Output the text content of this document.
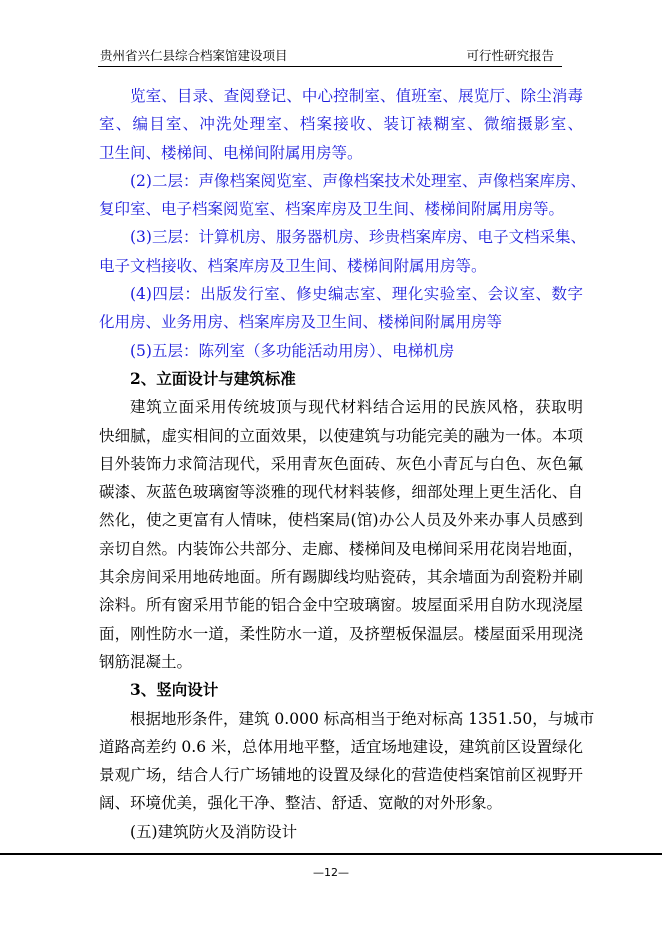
贵州省兴仁县综合档案馆建设项目	可行性研究报告
览室、目录、查阅登记、中心控制室、值班室、展览厅、除尘消毒
室、编目室、冲洗处理室、档案接收、装订裱糊室、微缩摄影室、
卫生间、楼梯间、电梯间附属用房等。
(2)二层：声像档案阅览室、声像档案技术处理室、声像档案库房、
复印室、电子档案阅览室、档案库房及卫生间、楼梯间附属用房等。
(3)三层：计算机房、服务器机房、珍贵档案库房、电子文档采集、
电子文档接收、档案库房及卫生间、楼梯间附属用房等。
(4)四层：出版发行室、修史编志室、理化实验室、会议室、数字
化用房、业务用房、档案库房及卫生间、楼梯间附属用房等
(5)五层：陈列室（多功能活动用房）、电梯机房
2、立面设计与建筑标准
建筑立面采用传统坡顶与现代材料结合运用的民族风格，获取明
快细腻，虚实相间的立面效果，以使建筑与功能完美的融为一体。本项
目外装饰力求简洁现代，采用青灰色面砖、灰色小青瓦与白色、灰色氟
碳漆、灰蓝色玻璃窗等淡雅的现代材料装修，细部处理上更生活化、自
然化，使之更富有人情味，使档案局(馆)办公人员及外来办事人员感到
亲切自然。内装饰公共部分、走廊、楼梯间及电梯间采用花岗岩地面，
其余房间采用地砖地面。所有踢脚线均贴瓷砖，其余墙面为刮瓷粉并刷
涂料。所有窗采用节能的铝合金中空玻璃窗。坡屋面采用自防水现浇屋
面，刚性防水一道，柔性防水一道，及挤塑板保温层。楼屋面采用现浇
钢筋混凝土。
3、竖向设计
根据地形条件，建筑 0.000 标高相当于绝对标高 1351.50，与城市
道路高差约 0.6 米，总体用地平整，适宜场地建设，建筑前区设置绿化
景观广场，结合人行广场铺地的设置及绿化的营造使档案馆前区视野开
阔、环境优美，强化干净、整洁、舒适、宽敞的对外形象。
(五)建筑防火及消防设计
—12—
